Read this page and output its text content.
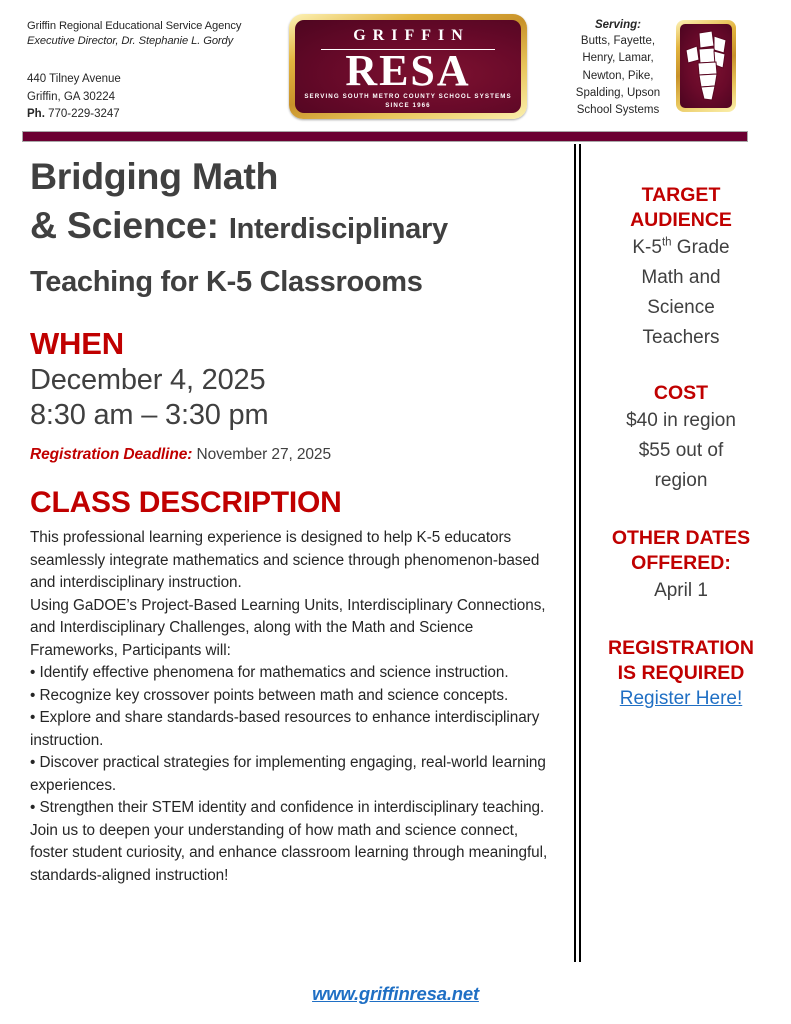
Griffin Regional Educational Service Agency
Executive Director, Dr. Stephanie L. Gordy
440 Tilney Avenue
Griffin, GA 30224
Ph. 770-229-3247
GRIFFIN
RESA
SERVING SOUTH METRO COUNTY SCHOOL SYSTEMS
SINCE 1966
Serving:
Butts, Fayette,
Henry, Lamar,
Newton, Pike,
Spalding, Upson
School Systems
Bridging Math
& Science: Interdisciplinary
Teaching for K-5 Classrooms
WHEN
December 4, 2025
8:30 am – 3:30 pm
Registration Deadline: November 27, 2025
CLASS DESCRIPTION

This professional learning experience is designed to help K-5 educators seamlessly integrate mathematics and science through phenomenon-based and interdisciplinary instruction.

Using GaDOE’s Project-Based Learning Units, Interdisciplinary Connections, and Interdisciplinary Challenges, along with the Math and Science Frameworks, Participants will:

• Identify effective phenomena for mathematics and science instruction.

• Recognize key crossover points between math and science concepts.

• Explore and share standards-based resources to enhance interdisciplinary instruction.

• Discover practical strategies for implementing engaging, real-world learning experiences.

• Strengthen their STEM identity and confidence in interdisciplinary teaching.

Join us to deepen your understanding of how math and science connect, foster student curiosity, and enhance classroom learning through meaningful, standards-aligned instruction!

TARGET
AUDIENCE
K-5th Grade
Math and
Science
Teachers
COST
$40 in region
$55 out of
region
OTHER DATES
OFFERED:
April 1
REGISTRATION
IS REQUIRED
Register Here!
www.griffinresa.net
